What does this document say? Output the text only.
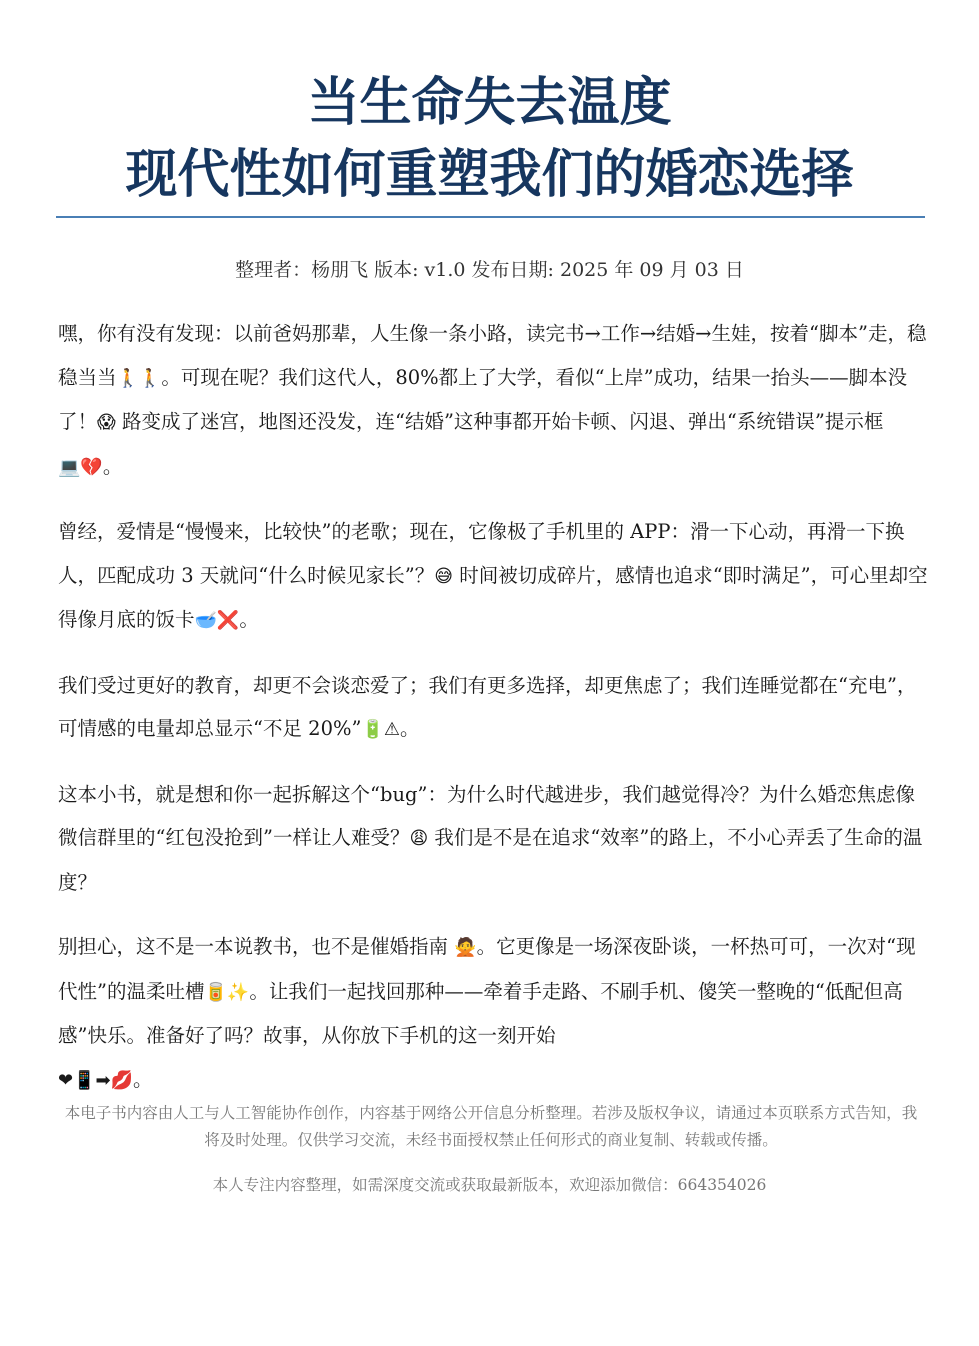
当生命失去温度
现代性如何重塑我们的婚恋选择
整理者：杨朋飞 版本: v1.0 发布日期: 2025 年 09 月 03 日

嘿，你有没有发现：以前爸妈那辈，人生像一条小路，读完书→工作→结婚→生娃，按着“脚本”走，稳稳当当🚶🚶。可现在呢？我们这代人，80%都上了大学，看似“上岸”成功，结果一抬头——脚本没了！😱 路变成了迷宫，地图还没发，连“结婚”这种事都开始卡顿、闪退、弹出“系统错误”提示框💻💔。

曾经，爱情是“慢慢来，比较快”的老歌；现在，它像极了手机里的 APP：滑一下心动，再滑一下换人，匹配成功 3 天就问“什么时候见家长”？😅 时间被切成碎片，感情也追求“即时满足”，可心里却空得像月底的饭卡🥣❌。

我们受过更好的教育，却更不会谈恋爱了；我们有更多选择，却更焦虑了；我们连睡觉都在“充电”，可情感的电量却总显示“不足 20%”🔋⚠。

这本小书，就是想和你一起拆解这个“bug”：为什么时代越进步，我们越觉得冷？为什么婚恋焦虑像微信群里的“红包没抢到”一样让人难受？😩 我们是不是在追求“效率”的路上，不小心弄丢了生命的温度？

别担心，这不是一本说教书，也不是催婚指南 🙅。它更像是一场深夜卧谈，一杯热可可，一次对“现代性”的温柔吐槽🥫✨。让我们一起找回那种——牵着手走路、不刷手机、傻笑一整晚的“低配但高感”快乐。准备好了吗？故事，从你放下手机的这一刻开始
❤📱➡💋。

本电子书内容由人工与人工智能协作创作，内容基于网络公开信息分析整理。若涉及版权争议，请通过本页联系方式告知，我将及时处理。仅供学习交流，未经书面授权禁止任何形式的商业复制、转载或传播。

本人专注内容整理，如需深度交流或获取最新版本，欢迎添加微信：664354026
